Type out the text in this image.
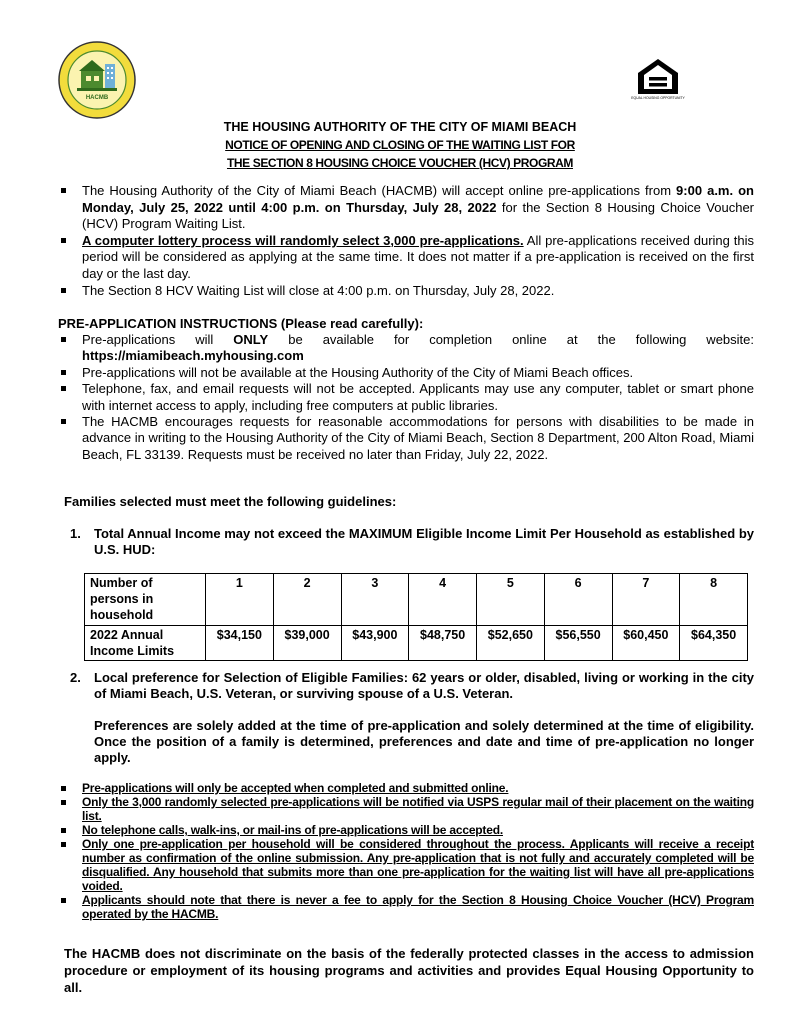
HACMB	EQUAL HOUSING OPPORTUNITY
THE HOUSING AUTHORITY OF THE CITY OF MIAMI BEACH
NOTICE OF OPENING AND CLOSING OF THE WAITING LIST FOR
THE SECTION 8 HOUSING CHOICE VOUCHER (HCV) PROGRAM
The Housing Authority of the City of Miami Beach (HACMB) will accept online pre-applications from 9:00 a.m. on Monday, July 25, 2022 until 4:00 p.m. on Thursday, July 28, 2022 for the Section 8 Housing Choice Voucher (HCV) Program Waiting List.
A computer lottery process will randomly select 3,000 pre-applications. All pre-applications received during this period will be considered as applying at the same time. It does not matter if a pre-application is received on the first day or the last day.
The Section 8 HCV Waiting List will close at 4:00 p.m. on Thursday, July 28, 2022.
PRE-APPLICATION INSTRUCTIONS (Please read carefully):
Pre-applications will ONLY be available for completion online at the following website: https://miamibeach.myhousing.com
Pre-applications will not be available at the Housing Authority of the City of Miami Beach offices.
Telephone, fax, and email requests will not be accepted. Applicants may use any computer, tablet or smart phone with internet access to apply, including free computers at public libraries.
The HACMB encourages requests for reasonable accommodations for persons with disabilities to be made in advance in writing to the Housing Authority of the City of Miami Beach, Section 8 Department, 200 Alton Road, Miami Beach, FL 33139. Requests must be received no later than Friday, July 22, 2022.
Families selected must meet the following guidelines:
1.	Total Annual Income may not exceed the MAXIMUM Eligible Income Limit Per Household as established by U.S. HUD:
Number of persons in household	1	2	3	4	5	6	7	8
2022 Annual Income Limits	$34,150	$39,000	$43,900	$48,750	$52,650	$56,550	$60,450	$64,350
2.	Local preference for Selection of Eligible Families: 62 years or older, disabled, living or working in the city of Miami Beach, U.S. Veteran, or surviving spouse of a U.S. Veteran.
Preferences are solely added at the time of pre-application and solely determined at the time of eligibility. Once the position of a family is determined, preferences and date and time of pre-application no longer apply.
Pre-applications will only be accepted when completed and submitted online.
Only the 3,000 randomly selected pre-applications will be notified via USPS regular mail of their placement on the waiting list.
No telephone calls, walk-ins, or mail-ins of pre-applications will be accepted.
Only one pre-application per household will be considered throughout the process. Applicants will receive a receipt number as confirmation of the online submission. Any pre-application that is not fully and accurately completed will be disqualified. Any household that submits more than one pre-application for the waiting list will have all pre-applications voided.
Applicants should note that there is never a fee to apply for the Section 8 Housing Choice Voucher (HCV) Program operated by the HACMB.
The HACMB does not discriminate on the basis of the federally protected classes in the access to admission procedure or employment of its housing programs and activities and provides Equal Housing Opportunity to all.
